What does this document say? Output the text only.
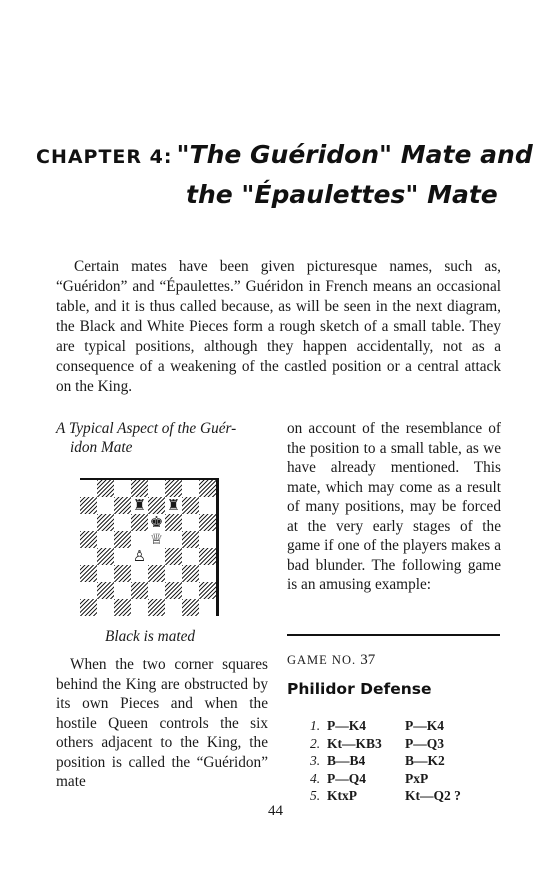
CHAPTER 4: "The Guéridon" Mate and
the "Épaulettes" Mate

Certain mates have been given picturesque names, such as, “Guéridon” and “Épaulettes.” Guéridon in French means an occasional table, and it is thus called because, as will be seen in the next diagram, the Black and White Pieces form a rough sketch of a small table. They are typical positions, although they happen accidentally, not as a consequence of a weakening of the castled position or a central attack on the King.

A Typical Aspect of the Guér-
idon Mate
♜ ♜
♚
♕
♙
Black is mated

When the two corner squares behind the King are obstructed by its own Pieces and when the hostile Queen controls the six others adjacent to the King, the position is called the “Guéridon” mate

on account of the resemblance of the position to a small table, as we have already mentioned. This mate, which may come as a result of many positions, may be forced at the very early stages of the game if one of the players makes a bad blunder. The following game is an amusing example:

GAME NO. 37
Philidor Defense
1. P—K4	P—K4
2. Kt—KB3	P—Q3
3. B—B4	B—K2
4. P—Q4	PxP
5. KtxP	Kt—Q2 ?
44
